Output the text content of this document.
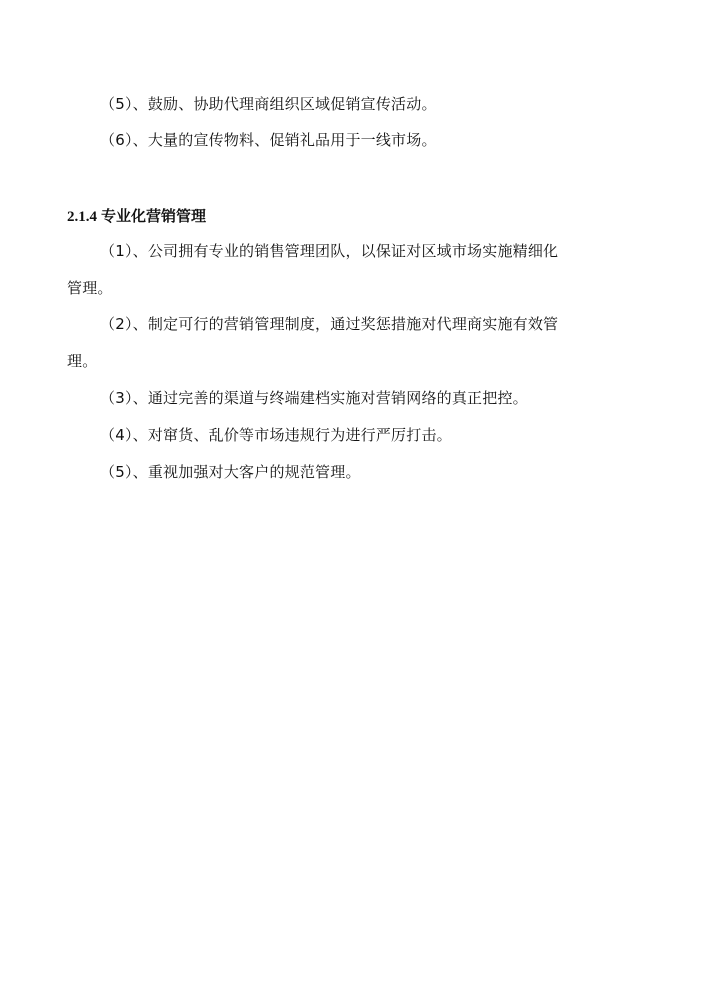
（5）、鼓励、协助代理商组织区域促销宣传活动。
（6）、大量的宣传物料、促销礼品用于一线市场。
2.1.4 专业化营销管理
（1）、公司拥有专业的销售管理团队，以保证对区域市场实施精细化
管理。
（2）、制定可行的营销管理制度，通过奖惩措施对代理商实施有效管
理。
（3）、通过完善的渠道与终端建档实施对营销网络的真正把控。
（4）、对窜货、乱价等市场违规行为进行严厉打击。
（5）、重视加强对大客户的规范管理。
